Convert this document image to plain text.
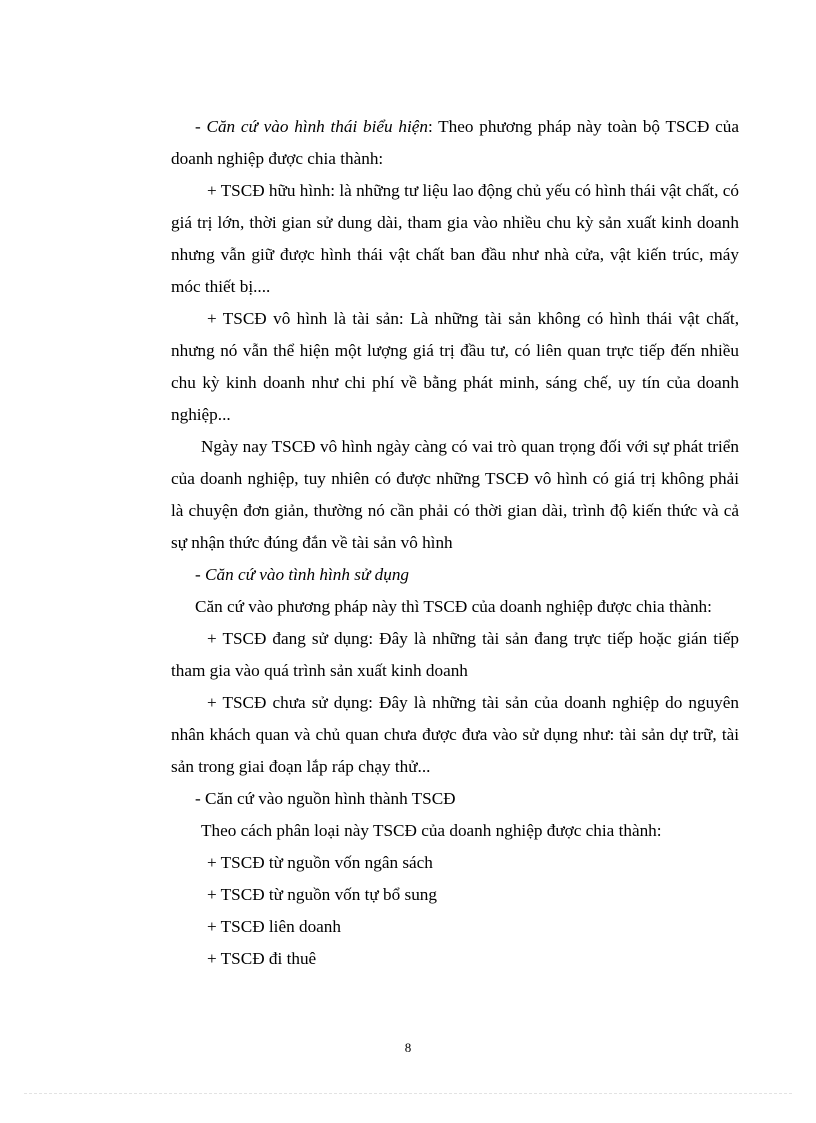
- Căn cứ vào hình thái biểu hiện: Theo phương pháp này toàn bộ TSCĐ của doanh nghiệp được chia thành:

+ TSCĐ hữu hình: là những tư liệu lao động chủ yếu có hình thái vật chất, có giá trị lớn, thời gian sử dung dài, tham gia vào nhiều chu kỳ sản xuất kinh doanh nhưng vẫn giữ được hình thái vật chất ban đầu như nhà cửa, vật kiến trúc, máy móc thiết bị....

+ TSCĐ vô hình là tài sản: Là những tài sản không có hình thái vật chất, nhưng nó vẫn thể hiện một lượng giá trị đầu tư, có liên quan trực tiếp đến nhiều chu kỳ kinh doanh như chi phí về bằng phát minh, sáng chế, uy tín của doanh nghiệp...

Ngày nay TSCĐ vô hình ngày càng có vai trò quan trọng đối với sự phát triển của doanh nghiệp, tuy nhiên có được những TSCĐ vô hình có giá trị không phải là chuyện đơn giản, thường nó cần phải có thời gian dài, trình độ kiến thức và cả sự nhận thức đúng đắn về tài sản vô hình

- Căn cứ vào tình hình sử dụng

Căn cứ vào phương pháp này thì TSCĐ của doanh nghiệp được chia thành:

+ TSCĐ đang sử dụng: Đây là những tài sản đang trực tiếp hoặc gián tiếp tham gia vào quá trình sản xuất kinh doanh

+ TSCĐ chưa sử dụng: Đây là những tài sản của doanh nghiệp do nguyên nhân khách quan và chủ quan chưa được đưa vào sử dụng như: tài sản dự trữ, tài sản trong giai đoạn lắp ráp chạy thử...

- Căn cứ vào nguồn hình thành TSCĐ

Theo cách phân loại này TSCĐ của doanh nghiệp được chia thành:

+ TSCĐ từ nguồn vốn ngân sách

+ TSCĐ từ nguồn vốn tự bổ sung

+ TSCĐ liên doanh

+ TSCĐ đi thuê

8
